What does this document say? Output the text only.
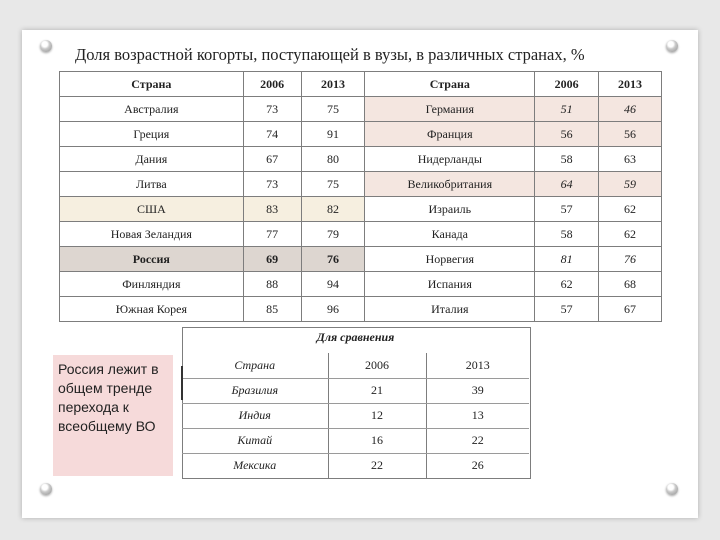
Доля возрастной когорты, поступающей в вузы, в различных странах, %
Страна	2006	2013	Страна	2006	2013
Австралия	73	75	Германия	51	46
Греция	74	91	Франция	56	56
Дания	67	80	Нидерланды	58	63
Литва	73	75	Великобритания	64	59
США	83	82	Израиль	57	62
Новая Зеландия	77	79	Канада	58	62
Россия	69	76	Норвегия	81	76
Финляндия	88	94	Испания	62	68
Южная Корея	85	96	Италия	57	67
Для сравнения
Страна	2006	2013
Бразилия	21	39
Индия	12	13
Китай	16	22
Мексика	22	26
Россия лежит в общем тренде перехода к всеобщему ВО
